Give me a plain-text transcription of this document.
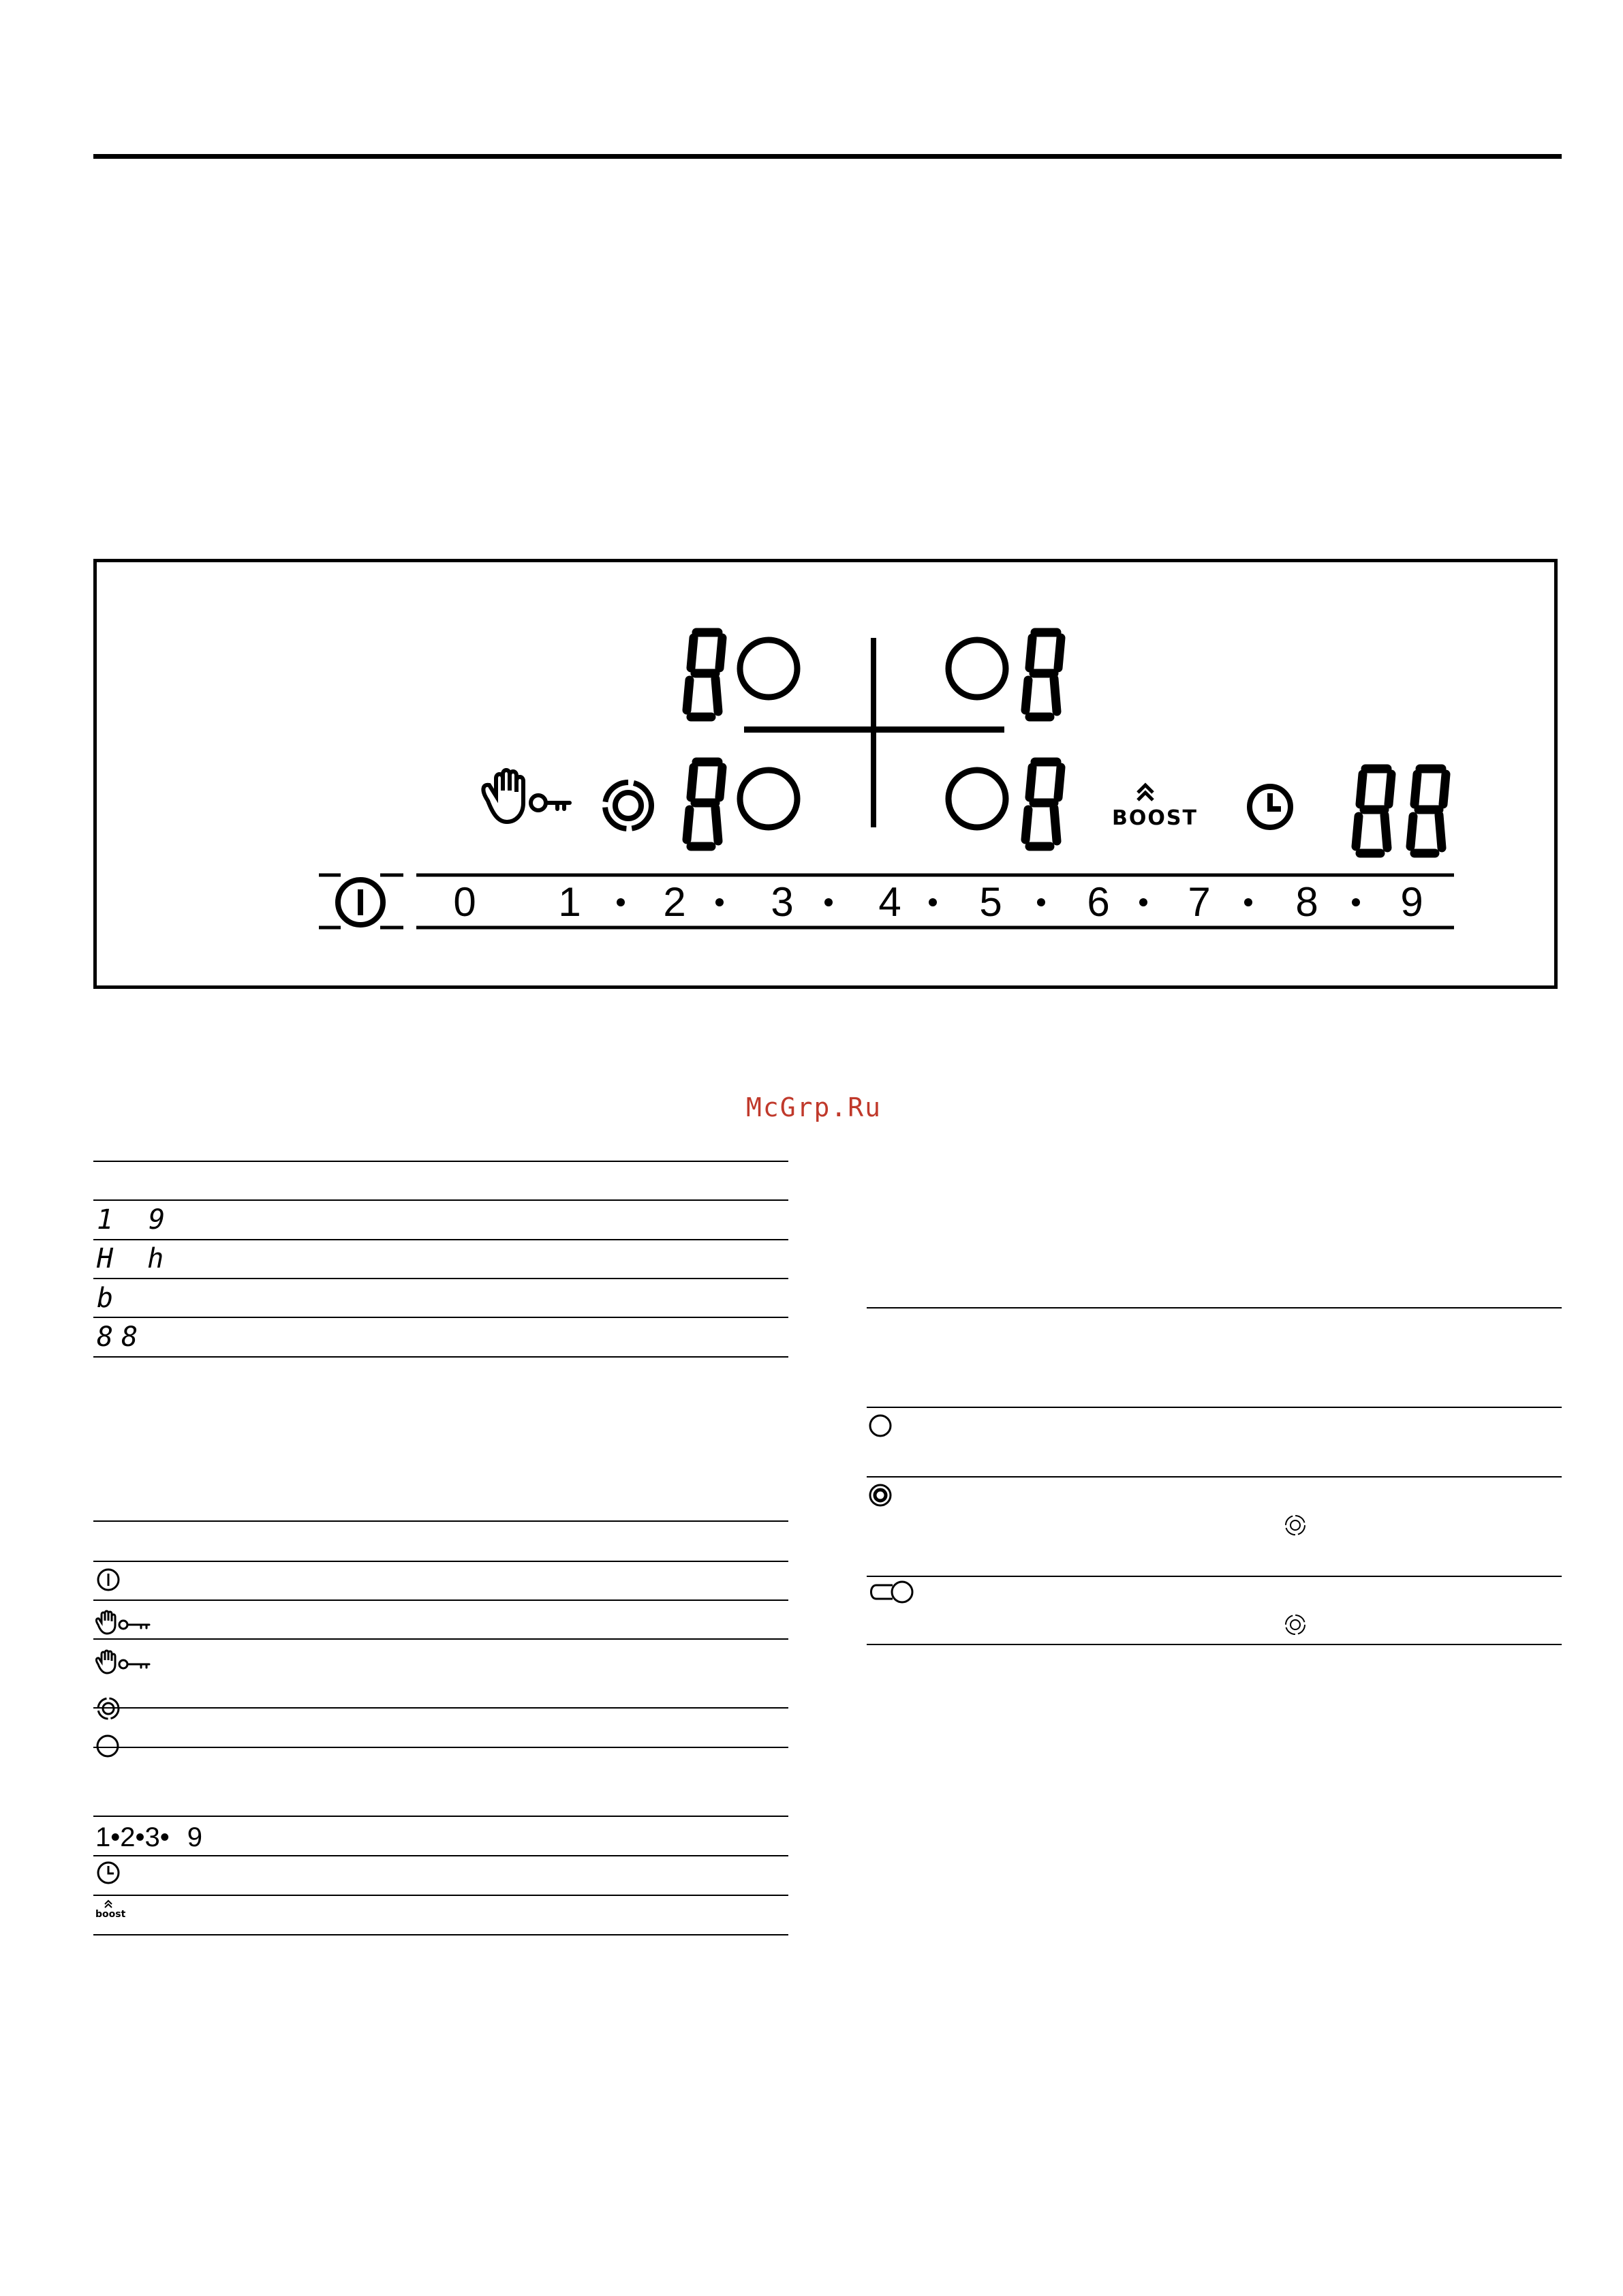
0 1 2 3 4 5 6 7 8 9
BOOST
McGrp.Ru
1 9
H h
b
8 8
1•2•3• 9
boost
